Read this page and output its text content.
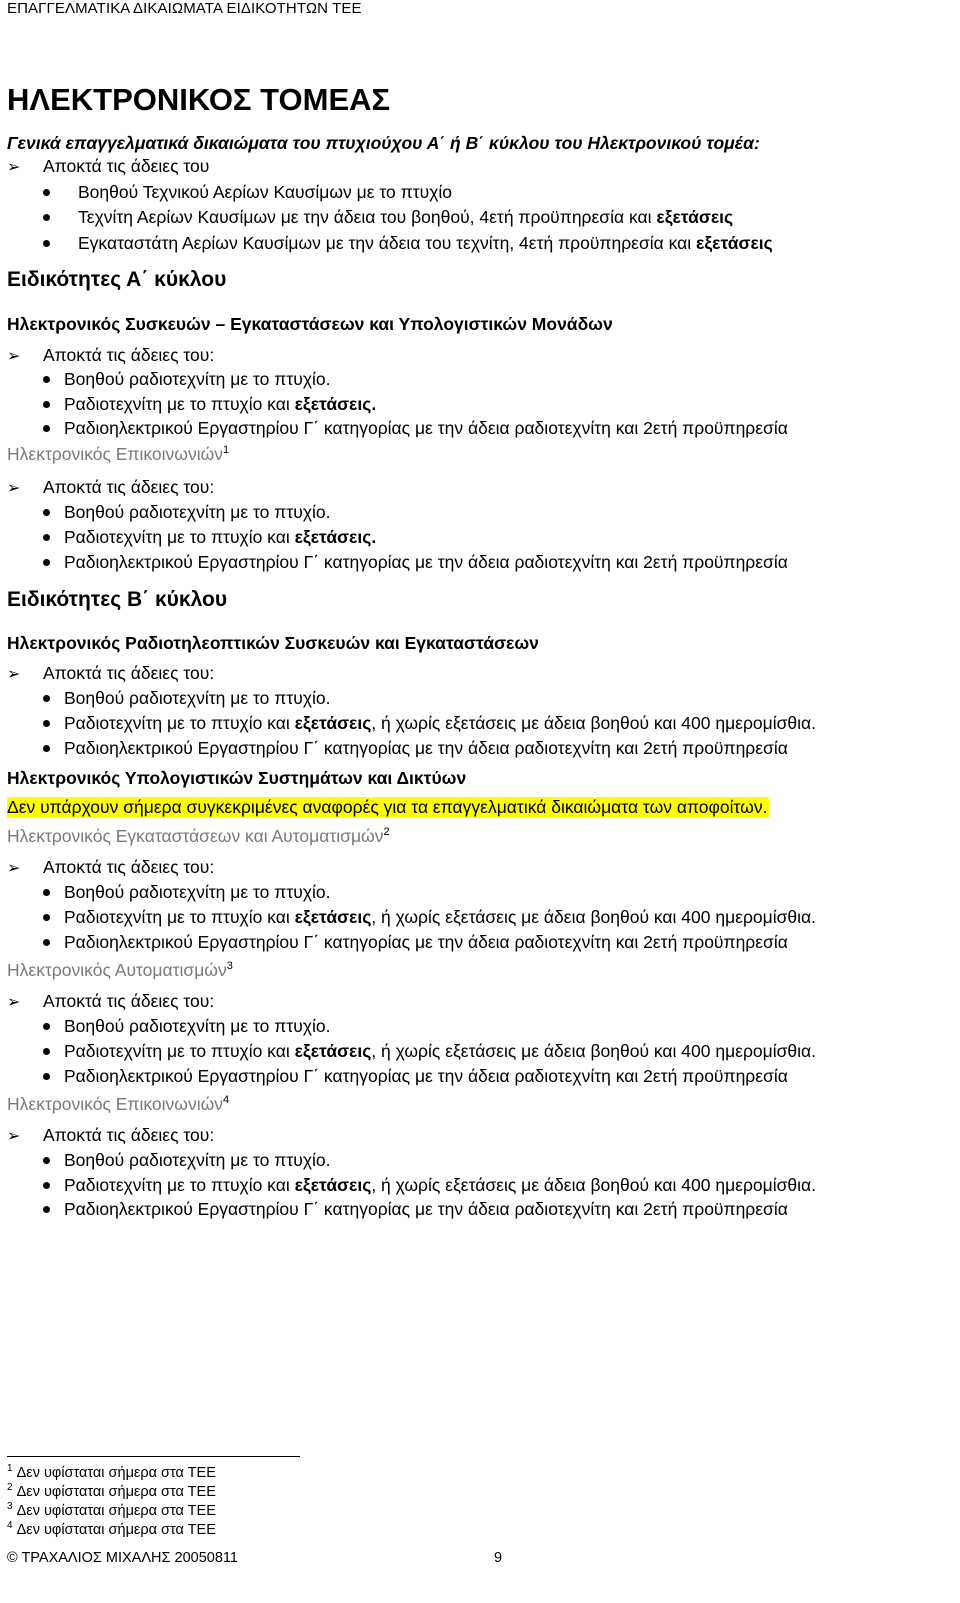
ΕΠΑΓΓΕΛΜΑΤΙΚΑ ΔΙΚΑΙΩΜΑΤΑ ΕΙΔΙΚΟΤΗΤΩΝ ΤΕΕ
ΗΛΕΚΤΡΟΝΙΚΟΣ ΤΟΜΕΑΣ
Γενικά επαγγελματικά δικαιώματα του πτυχιούχου Α΄ ή Β΄ κύκλου του Ηλεκτρονικού τομέα:
➢ Αποκτά τις άδειες του
Βοηθού Τεχνικού Αερίων Καυσίμων με το πτυχίο
Τεχνίτη Αερίων Καυσίμων με την άδεια του βοηθού, 4ετή προϋπηρεσία και εξετάσεις
Εγκαταστάτη Αερίων Καυσίμων με την άδεια του τεχνίτη, 4ετή προϋπηρεσία και εξετάσεις
Ειδικότητες Α΄ κύκλου
Ηλεκτρονικός Συσκευών – Εγκαταστάσεων και Υπολογιστικών Μονάδων
➢ Αποκτά τις άδειες του:
Βοηθού ραδιοτεχνίτη με το πτυχίο.
Ραδιοτεχνίτη με το πτυχίο και εξετάσεις.
Ραδιοηλεκτρικού Εργαστηρίου Γ΄ κατηγορίας με την άδεια ραδιοτεχνίτη και 2ετή προϋπηρεσία
Ηλεκτρονικός Επικοινωνιών$^1$
➢ Αποκτά τις άδειες του:
Βοηθού ραδιοτεχνίτη με το πτυχίο.
Ραδιοτεχνίτη με το πτυχίο και εξετάσεις.
Ραδιοηλεκτρικού Εργαστηρίου Γ΄ κατηγορίας με την άδεια ραδιοτεχνίτη και 2ετή προϋπηρεσία
Ειδικότητες Β΄ κύκλου
Ηλεκτρονικός Ραδιοτηλεοπτικών Συσκευών και Εγκαταστάσεων
➢ Αποκτά τις άδειες του:
Βοηθού ραδιοτεχνίτη με το πτυχίο.
Ραδιοτεχνίτη με το πτυχίο και εξετάσεις, ή χωρίς εξετάσεις με άδεια βοηθού και 400 ημερομίσθια.
Ραδιοηλεκτρικού Εργαστηρίου Γ΄ κατηγορίας με την άδεια ραδιοτεχνίτη και 2ετή προϋπηρεσία
Ηλεκτρονικός Υπολογιστικών Συστημάτων και Δικτύων
Δεν υπάρχουν σήμερα συγκεκριμένες αναφορές για τα επαγγελματικά δικαιώματα των αποφοίτων.
Ηλεκτρονικός Εγκαταστάσεων και Αυτοματισμών$^2$
➢ Αποκτά τις άδειες του:
Βοηθού ραδιοτεχνίτη με το πτυχίο.
Ραδιοτεχνίτη με το πτυχίο και εξετάσεις, ή χωρίς εξετάσεις με άδεια βοηθού και 400 ημερομίσθια.
Ραδιοηλεκτρικού Εργαστηρίου Γ΄ κατηγορίας με την άδεια ραδιοτεχνίτη και 2ετή προϋπηρεσία
Ηλεκτρονικός Αυτοματισμών$^3$
➢ Αποκτά τις άδειες του:
Βοηθού ραδιοτεχνίτη με το πτυχίο.
Ραδιοτεχνίτη με το πτυχίο και εξετάσεις, ή χωρίς εξετάσεις με άδεια βοηθού και 400 ημερομίσθια.
Ραδιοηλεκτρικού Εργαστηρίου Γ΄ κατηγορίας με την άδεια ραδιοτεχνίτη και 2ετή προϋπηρεσία
Ηλεκτρονικός Επικοινωνιών$^4$
➢ Αποκτά τις άδειες του:
Βοηθού ραδιοτεχνίτη με το πτυχίο.
Ραδιοτεχνίτη με το πτυχίο και εξετάσεις, ή χωρίς εξετάσεις με άδεια βοηθού και 400 ημερομίσθια.
Ραδιοηλεκτρικού Εργαστηρίου Γ΄ κατηγορίας με την άδεια ραδιοτεχνίτη και 2ετή προϋπηρεσία
$^1$ Δεν υφίσταται σήμερα στα ΤΕΕ
$^2$ Δεν υφίσταται σήμερα στα ΤΕΕ
$^3$ Δεν υφίσταται σήμερα στα ΤΕΕ
$^4$ Δεν υφίσταται σήμερα στα ΤΕΕ
© ΤΡΑΧΑΛΙΟΣ ΜΙΧΑΛΗΣ 20050811	9
